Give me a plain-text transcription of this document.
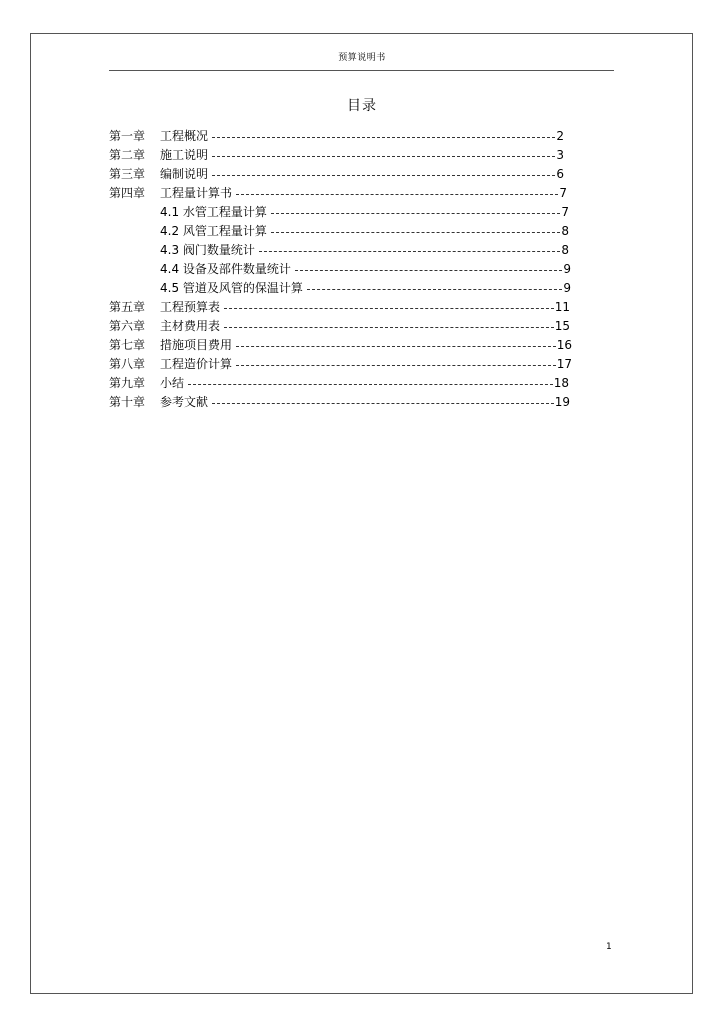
预算说明书
目录
第一章	工程概况	2
第二章	施工说明	3
第三章	编制说明	6
第四章	工程量计算书	7
4.1 水管工程量计算	7
4.2 风管工程量计算	8
4.3 阀门数量统计	8
4.4 设备及部件数量统计	9
4.5 管道及风管的保温计算	9
第五章	工程预算表	11
第六章	主材费用表	15
第七章	措施项目费用	16
第八章	工程造价计算	17
第九章	小结	18
第十章	参考文献	19
1
